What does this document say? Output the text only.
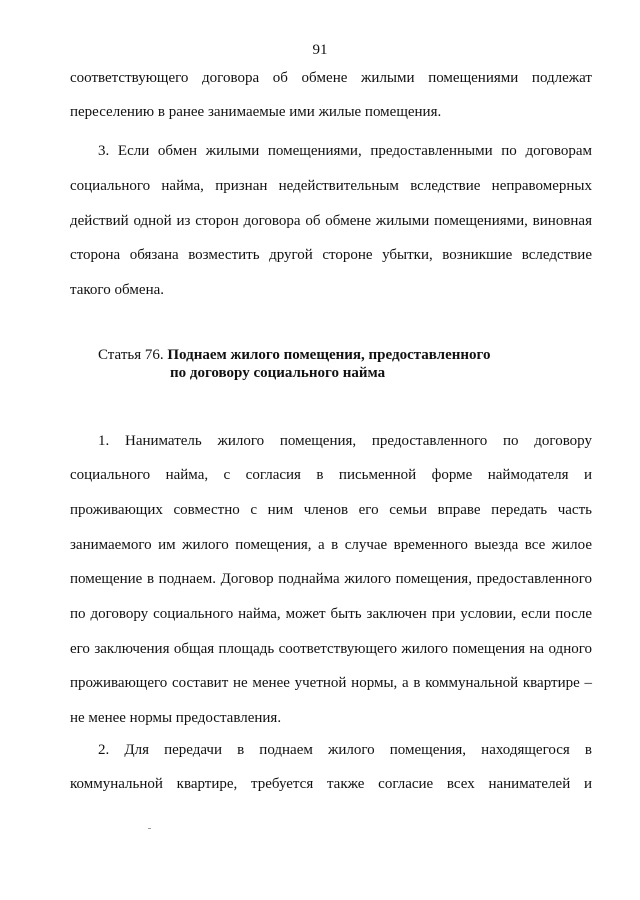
91
соответствующего договора об обмене жилыми помещениями подлежат
переселению в ранее занимаемые ими жилые помещения.
3. Если обмен жилыми помещениями, предоставленными по договорам
социального найма, признан недействительным вследствие неправомерных
действий одной из сторон договора об обмене жилыми помещениями, виновная
сторона обязана возместить другой стороне убытки, возникшие вследствие
такого обмена.
Статья 76. Поднаем жилого помещения, предоставленного
по договору социального найма
1. Наниматель жилого помещения, предоставленного по договору
социального найма, с согласия в письменной форме наймодателя и
проживающих совместно с ним членов его семьи вправе передать часть
занимаемого им жилого помещения, а в случае временного выезда все жилое
помещение в поднаем. Договор поднайма жилого помещения, предоставленного
по договору социального найма, может быть заключен при условии, если после
его заключения общая площадь соответствующего жилого помещения на одного
проживающего составит не менее учетной нормы, а в коммунальной квартире –
не менее нормы предоставления.
2. Для передачи в поднаем жилого помещения, находящегося в
коммунальной квартире, требуется также согласие всех нанимателей и
